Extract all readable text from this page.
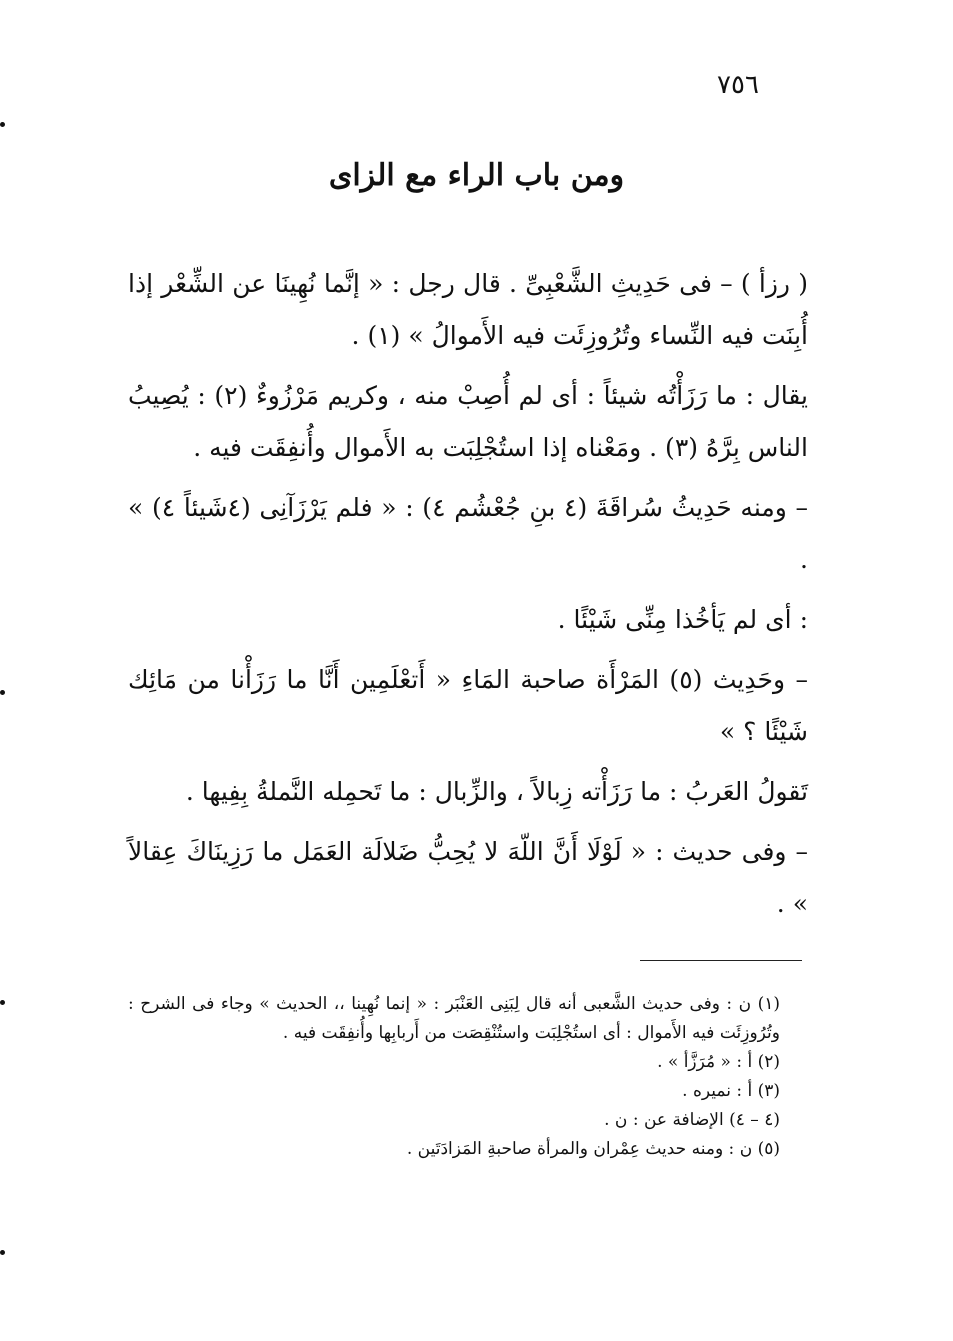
٧٥٦
ومن باب الراء مع الزاى

( رزأ ) – فى حَدِيثِ الشَّعْبِىِّ . قال رجل : « إنَّما نُهِينَا عن الشِّعْر إذا أُبِنَت فيه النِّساء وتُرُوزِئَت فيه الأَموالُ » (١) .

يقال : ما رَزَأْتُه شيئاً : أى لم أُصِبْ منه ، وكريم مَرْزُوءٌ (٢) : يُصِيبُ الناس بِرَّهُ (٣) . ومَعْناه إذا استُجْلِبَت به الأَموال وأُنفِقَت فيه .

– ومنه حَدِيثُ سُراقَةَ (٤ بنِ جُعْشُم ٤) : « فلم يَرْزَآنِى (٤شَيئاً ٤) » .

: أى لم يَأخُذا مِنِّى شَيْئًا .

– وحَدِيث (٥) المَرْأَة صاحبة المَاءِ « أَتعْلَمِين أَنَّا ما رَزَأْنا من مَائِك شَيْئًا ؟ »

تَقولُ العَربُ : ما رَزَأْته زِبالاً ، والزِّبال : ما تَحمِله النَّملةُ بِفِيها .

– وفى حديث : « لَوْلَا أَنَّ اللّهَ لا يُحِبُّ ضَلالَة العَمَل ما رَزِينَاكَ عِقالاً » .

(١) ن : وفى حديث الشَّعبى أنه قال لِبَنِى العَنْبَر : « إنما نُهِينا ،، الحديث » وجاء فى الشرح : وتُرُوزِئَت فيه الأَموال : أى استُجْلِبَت واستُنْقِصَت من أَربابِها وأُنفِقَت فيه .

(٢) أ : « مُرَزَّأ » .

(٣) أ : نميره .

(٤ – ٤) الإضافة عن : ن .

(٥) ن : ومنه حديث عِمْران والمرأة صاحبةِ المَزادَتَين .
